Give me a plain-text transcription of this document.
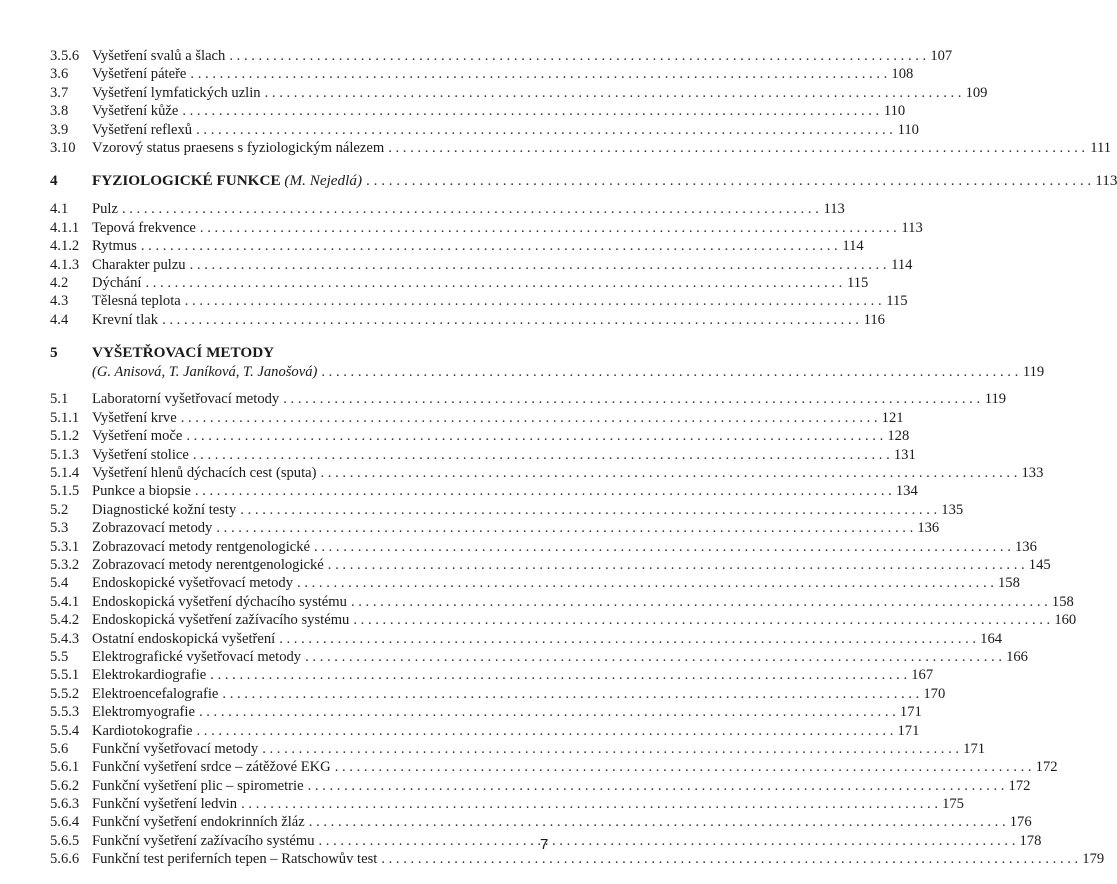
3.5.6 Vyšetření svalů a šlach . . .	107
3.6	Vyšetření páteře . . .	108
3.7	Vyšetření lymfatických uzlin . . .	109
3.8	Vyšetření kůže . . .	110
3.9	Vyšetření reflexů . . .	110
3.10	Vzorový status praesens s fyziologickým nálezem . . .	111
4	FYZIOLOGICKÉ FUNKCE (M. Nejedlá) . . .	113
4.1	Pulz . . .	113
4.1.1 Tepová frekvence . . .	113
4.1.2 Rytmus . . .	114
4.1.3 Charakter pulzu . . .	114
4.2	Dýchání . . .	115
4.3	Tělesná teplota . . .	115
4.4	Krevní tlak . . .	116
5	VYŠETŘOVACÍ METODY
(G. Anisová, T. Janíková, T. Janošová) . . .	119
5.1	Laboratorní vyšetřovací metody . . .	119
5.1.1 Vyšetření krve . . .	121
5.1.2 Vyšetření moče . . .	128
5.1.3 Vyšetření stolice . . .	131
5.1.4 Vyšetření hlenů dýchacích cest (sputa) . . .	133
5.1.5 Punkce a biopsie . . .	134
5.2	Diagnostické kožní testy . . .	135
5.3	Zobrazovací metody . . .	136
5.3.1 Zobrazovací metody rentgenologické . . .	136
5.3.2 Zobrazovací metody nerentgenologické . . .	145
5.4	Endoskopické vyšetřovací metody . . .	158
5.4.1 Endoskopická vyšetření dýchacího systému . . .	158
5.4.2 Endoskopická vyšetření zažívacího systému . . .	160
5.4.3 Ostatní endoskopická vyšetření . . .	164
5.5	Elektrografické vyšetřovací metody . . .	166
5.5.1 Elektrokardiografie . . .	167
5.5.2 Elektroencefalografie . . .	170
5.5.3 Elektromyografie . . .	171
5.5.4 Kardiotokografie . . .	171
5.6	Funkční vyšetřovací metody . . .	171
5.6.1 Funkční vyšetření srdce – zátěžové EKG . . .	172
5.6.2 Funkční vyšetření plic – spirometrie . . .	172
5.6.3 Funkční vyšetření ledvin . . .	175
5.6.4 Funkční vyšetření endokrinních žláz . . .	176
5.6.5 Funkční vyšetření zažívacího systému . . .	178
5.6.6 Funkční test periferních tepen – Ratschowův test . . .	179
7
